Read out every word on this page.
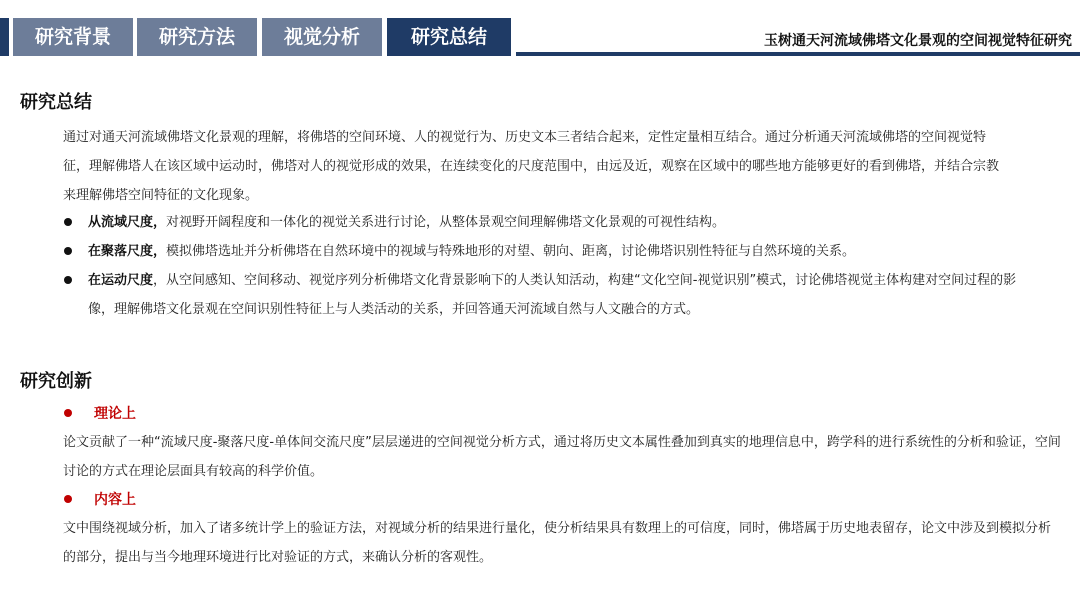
研究背景	研究方法	视觉分析	研究总结	玉树通天河流域佛塔文化景观的空间视觉特征研究
研究总结

通过对通天河流域佛塔文化景观的理解，将佛塔的空间环境、人的视觉行为、历史文本三者结合起来，定性定量相互结合。通过分析通天河流域佛塔的空间视觉特征，理解佛塔人在该区域中运动时，佛塔对人的视觉形成的效果，在连续变化的尺度范围中，由远及近，观察在区域中的哪些地方能够更好的看到佛塔，并结合宗教来理解佛塔空间特征的文化现象。

从流域尺度，对视野开阔程度和一体化的视觉关系进行讨论，从整体景观空间理解佛塔文化景观的可视性结构。

在聚落尺度，模拟佛塔选址并分析佛塔在自然环境中的视域与特殊地形的对望、朝向、距离，讨论佛塔识别性特征与自然环境的关系。

在运动尺度，从空间感知、空间移动、视觉序列分析佛塔文化背景影响下的人类认知活动，构建“文化空间-视觉识别”模式，讨论佛塔视觉主体构建对空间过程的影像，理解佛塔文化景观在空间识别性特征上与人类活动的关系，并回答通天河流域自然与人文融合的方式。

研究创新
理论上

论文贡献了一种“流域尺度-聚落尺度-单体间交流尺度”层层递进的空间视觉分析方式，通过将历史文本属性叠加到真实的地理信息中，跨学科的进行系统性的分析和验证，空间讨论的方式在理论层面具有较高的科学价值。

内容上

文中围绕视域分析，加入了诸多统计学上的验证方法，对视域分析的结果进行量化，使分析结果具有数理上的可信度，同时，佛塔属于历史地表留存，论文中涉及到模拟分析的部分，提出与当今地理环境进行比对验证的方式，来确认分析的客观性。
